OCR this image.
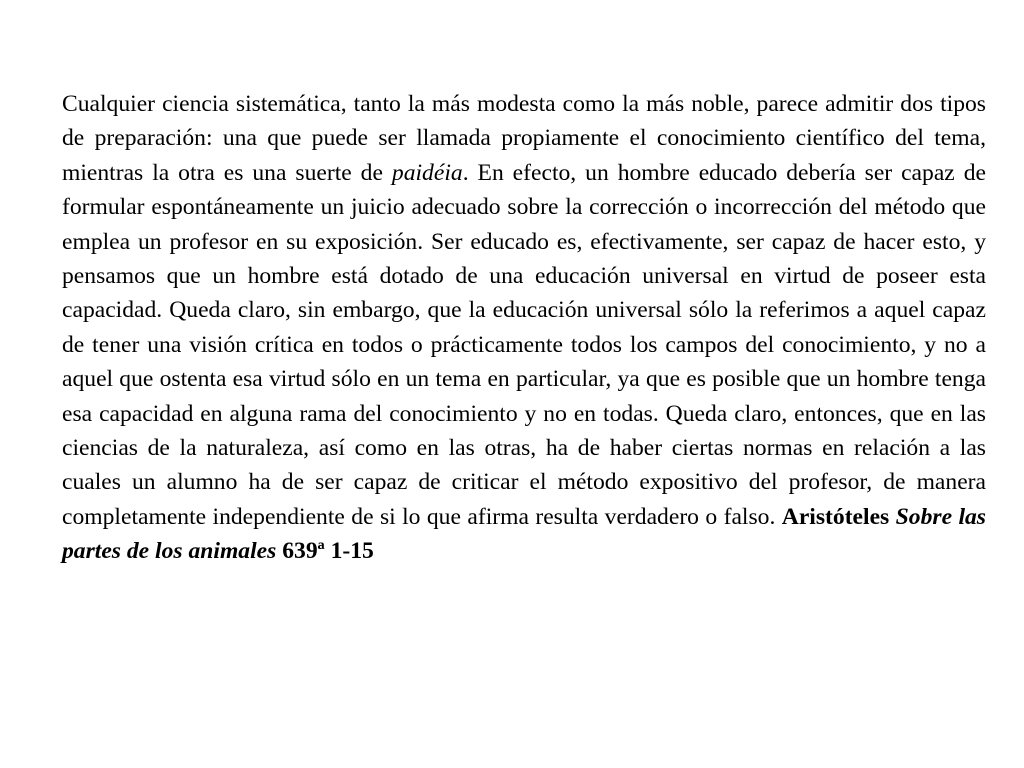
Cualquier ciencia sistemática, tanto la más modesta como la más noble, parece admitir dos tipos de preparación: una que puede ser llamada propiamente el conocimiento científico del tema, mientras la otra es una suerte de paidéia. En efecto, un hombre educado debería ser capaz de formular espontáneamente un juicio adecuado sobre la corrección o incorrección del método que emplea un profesor en su exposición. Ser educado es, efectivamente, ser capaz de hacer esto, y pensamos que un hombre está dotado de una educación universal en virtud de poseer esta capacidad. Queda claro, sin embargo, que la educación universal sólo la referimos a aquel capaz de tener una visión crítica en todos o prácticamente todos los campos del conocimiento, y no a aquel que ostenta esa virtud sólo en un tema en particular, ya que es posible que un hombre tenga esa capacidad en alguna rama del conocimiento y no en todas. Queda claro, entonces, que en las ciencias de la naturaleza, así como en las otras, ha de haber ciertas normas en relación a las cuales un alumno ha de ser capaz de criticar el método expositivo del profesor, de manera completamente independiente de si lo que afirma resulta verdadero o falso. Aristóteles Sobre las partes de los animales 639ª 1-15
